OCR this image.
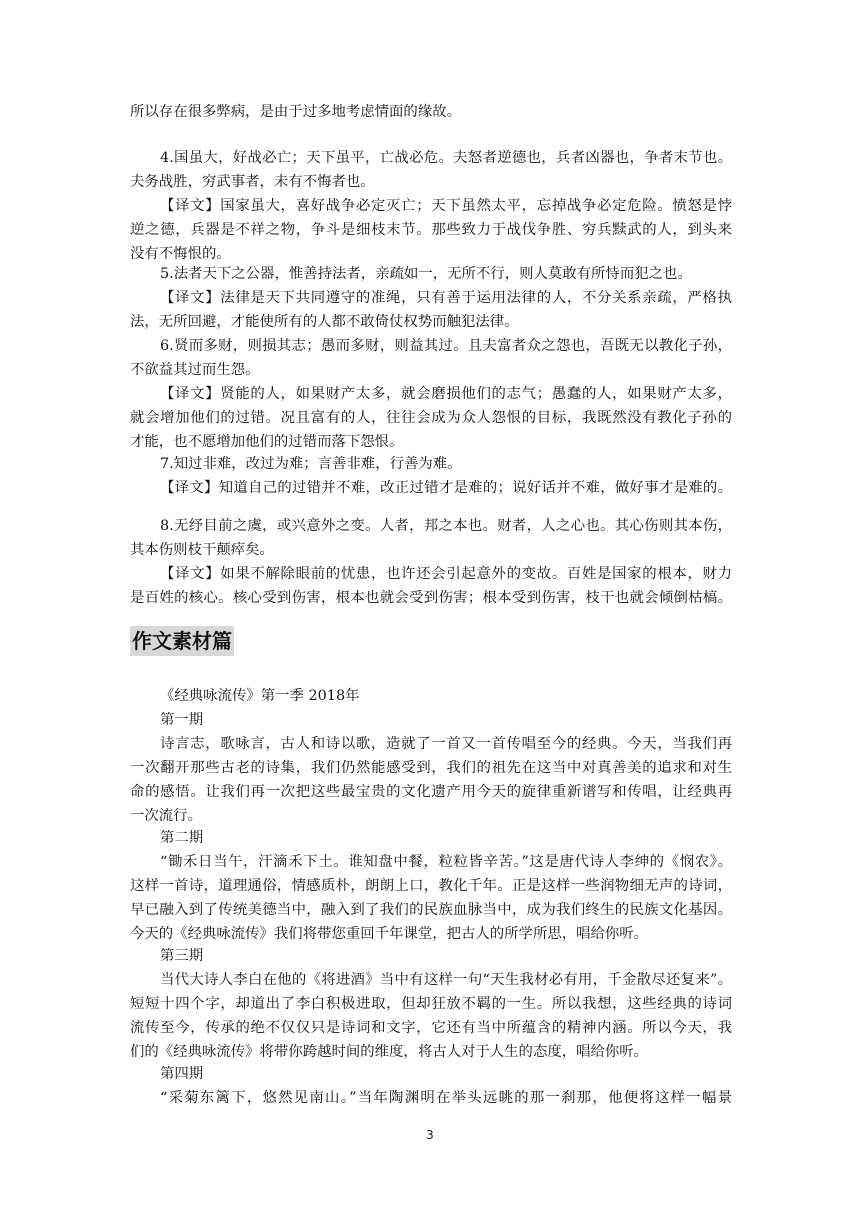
所以存在很多弊病，是由于过多地考虑情面的缘故。
4.国虽大，好战必亡；天下虽平，亡战必危。夫怒者逆德也，兵者凶器也，争者末节也。
夫务战胜，穷武事者，未有不悔者也。
【译文】国家虽大，喜好战争必定灭亡；天下虽然太平，忘掉战争必定危险。愤怒是悖
逆之德，兵器是不祥之物，争斗是细枝末节。那些致力于战伐争胜、穷兵黩武的人，到头来
没有不悔恨的。
5.法者天下之公器，惟善持法者，亲疏如一，无所不行，则人莫敢有所恃而犯之也。
【译文】法律是天下共同遵守的准绳，只有善于运用法律的人，不分关系亲疏，严格执
法，无所回避，才能使所有的人都不敢倚仗权势而触犯法律。
6.贤而多财，则损其志；愚而多财，则益其过。且夫富者众之怨也，吾既无以教化子孙，
不欲益其过而生怨。
【译文】贤能的人，如果财产太多，就会磨损他们的志气；愚蠢的人，如果财产太多，
就会增加他们的过错。况且富有的人，往往会成为众人怨恨的目标，我既然没有教化子孙的
才能，也不愿增加他们的过错而落下怨恨。
7.知过非难，改过为难；言善非难，行善为难。
【译文】知道自己的过错并不难，改正过错才是难的；说好话并不难，做好事才是难的。
8.无纾目前之虞，或兴意外之变。人者，邦之本也。财者，人之心也。其心伤则其本伤，
其本伤则枝干颠瘁矣。
【译文】如果不解除眼前的忧患，也许还会引起意外的变故。百姓是国家的根本，财力
是百姓的核心。核心受到伤害，根本也就会受到伤害；根本受到伤害，枝干也就会倾倒枯槁。
作文素材篇
《经典咏流传》第一季 2018年
第一期
诗言志，歌咏言，古人和诗以歌，造就了一首又一首传唱至今的经典。今天，当我们再
一次翻开那些古老的诗集，我们仍然能感受到，我们的祖先在这当中对真善美的追求和对生
命的感悟。让我们再一次把这些最宝贵的文化遗产用今天的旋律重新谱写和传唱，让经典再
一次流行。
第二期
“锄禾日当午，汗滴禾下土。谁知盘中餐，粒粒皆辛苦。”这是唐代诗人李绅的《悯农》。
这样一首诗，道理通俗，情感质朴，朗朗上口，教化千年。正是这样一些润物细无声的诗词，
早已融入到了传统美德当中，融入到了我们的民族血脉当中，成为我们终生的民族文化基因。
今天的《经典咏流传》我们将带您重回千年课堂，把古人的所学所思，唱给你听。
第三期
当代大诗人李白在他的《将进酒》当中有这样一句“天生我材必有用，千金散尽还复来”。
短短十四个字，却道出了李白积极进取，但却狂放不羁的一生。所以我想，这些经典的诗词
流传至今，传承的绝不仅仅只是诗词和文字，它还有当中所蕴含的精神内涵。所以今天，我
们的《经典咏流传》将带你跨越时间的维度，将古人对于人生的态度，唱给你听。
第四期
“采菊东篱下，悠然见南山。”当年陶渊明在举头远眺的那一刹那，他便将这样一幅景
3
